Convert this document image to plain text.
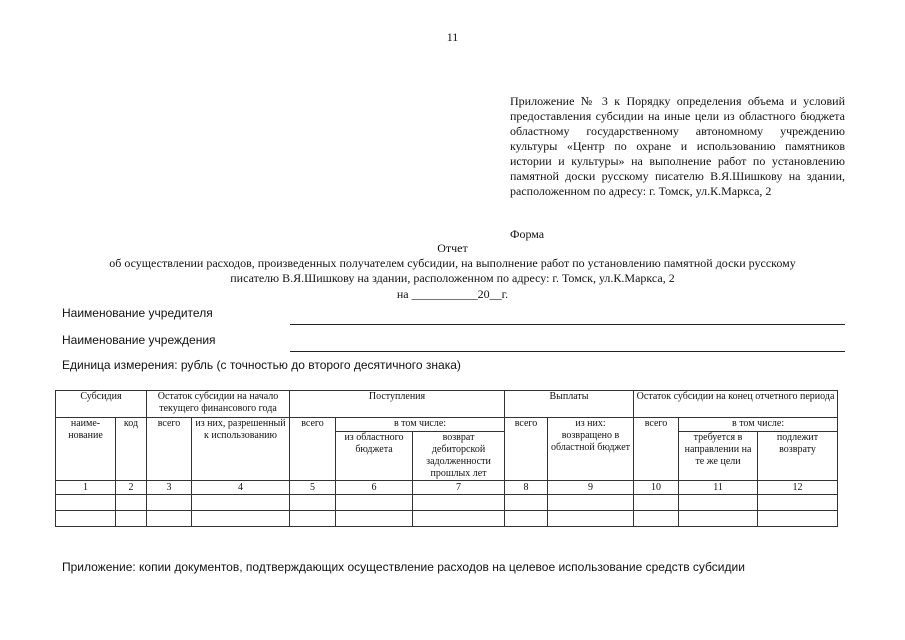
11
Приложение № 3 к Порядку определения объема и условий предоставления субсидии на иные цели из областного бюджета областному государственному автономному учреждению культуры «Центр по охране и использованию памятников истории и культуры» на выполнение работ по установлению памятной доски русскому писателю В.Я.Шишкову на здании, расположенном по адресу: г. Томск, ул.К.Маркса, 2
Форма
Отчет
об осуществлении расходов, произведенных получателем субсидии, на выполнение работ по установлению памятной доски русскому
писателю В.Я.Шишкову на здании, расположенном по адресу: г. Томск, ул.К.Маркса, 2
на ___________20__г.
Наименование учредителя
Наименование учреждения
Единица измерения: рубль (с точностью до второго десятичного знака)
Субсидия		Остаток субсидии на начало текущего финансового года		Поступления			Выплаты		Остаток субсидии на конец отчетного периода		
наиме-нование	код	всего	из них, разрешенный к использованию	всего	в том числе:		всего	из них: возвращено в областной бюджет	всего	в том числе:	
					из областного бюджета	возврат дебиторской задолженности прошлых лет				требуется в направлении на те же цели	подлежит возврату
1	2	3	4	5	6	7	8	9	10	11	12

Приложение: копии документов, подтверждающих осуществление расходов на целевое использование средств субсидии
